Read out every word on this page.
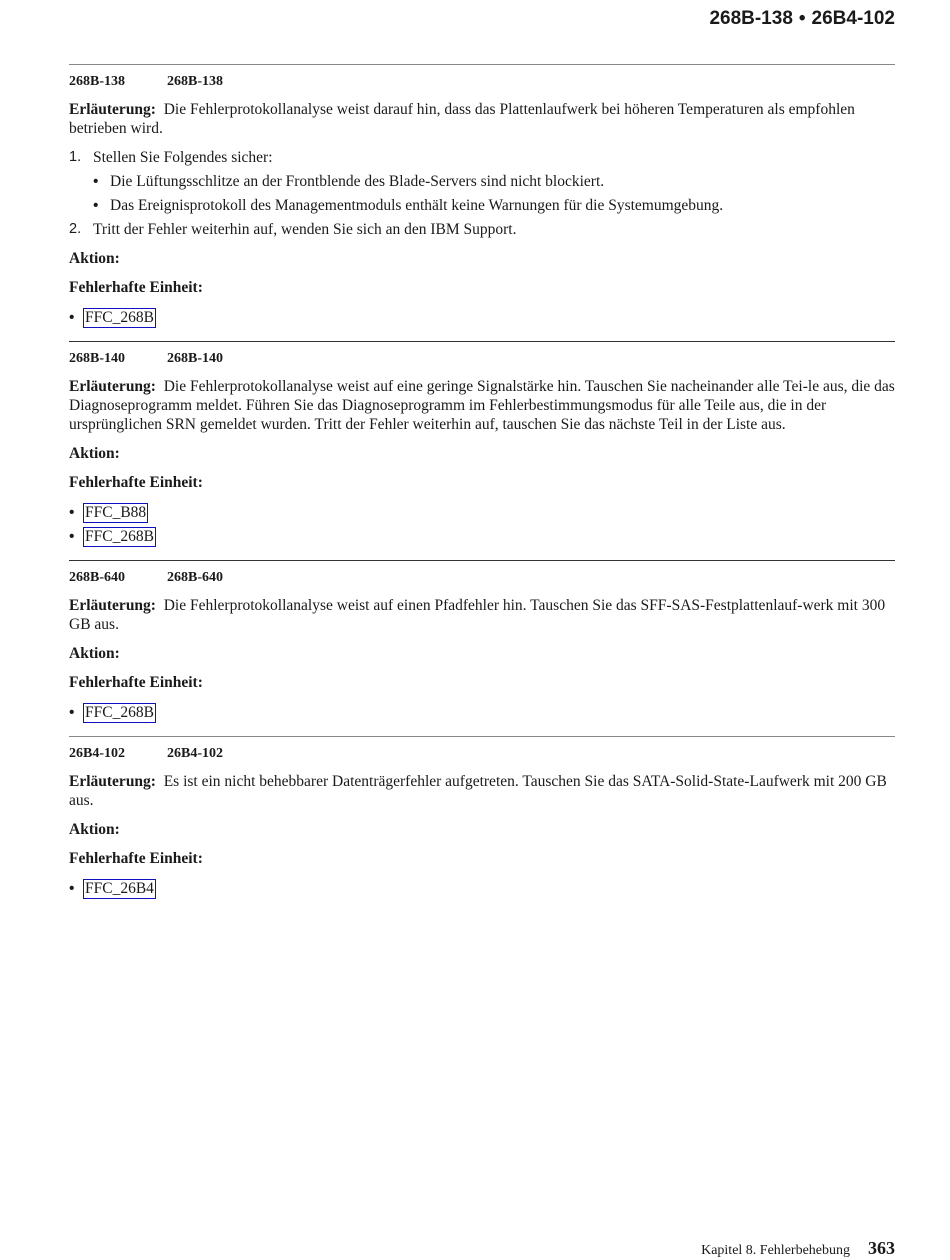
268B-138 • 26B4-102
268B-138	268B-138

Erläuterung: Die Fehlerprotokollanalyse weist darauf hin, dass das Plattenlaufwerk bei höheren Temperaturen als empfohlen betrieben wird.

1. Stellen Sie Folgendes sicher:
• Die Lüftungsschlitze an der Frontblende des Blade-Servers sind nicht blockiert.
• Das Ereignisprotokoll des Managementmoduls enthält keine Warnungen für die Systemumgebung.
2. Tritt der Fehler weiterhin auf, wenden Sie sich an den IBM Support.

Aktion:

Fehlerhafte Einheit:

• FFC_268B
268B-140	268B-140

Erläuterung: Die Fehlerprotokollanalyse weist auf eine geringe Signalstärke hin. Tauschen Sie nacheinander alle Tei-le aus, die das Diagnoseprogramm meldet. Führen Sie das Diagnoseprogramm im Fehlerbestimmungsmodus für alle Teile aus, die in der ursprünglichen SRN gemeldet wurden. Tritt der Fehler weiterhin auf, tauschen Sie das nächste Teil in der Liste aus.

Aktion:

Fehlerhafte Einheit:

• FFC_B88
• FFC_268B
268B-640	268B-640

Erläuterung: Die Fehlerprotokollanalyse weist auf einen Pfadfehler hin. Tauschen Sie das SFF-SAS-Festplattenlauf-werk mit 300 GB aus.

Aktion:

Fehlerhafte Einheit:

• FFC_268B
26B4-102	26B4-102

Erläuterung: Es ist ein nicht behebbarer Datenträgerfehler aufgetreten. Tauschen Sie das SATA-Solid-State-Laufwerk mit 200 GB aus.

Aktion:

Fehlerhafte Einheit:

• FFC_26B4
Kapitel 8. Fehlerbehebung 363
